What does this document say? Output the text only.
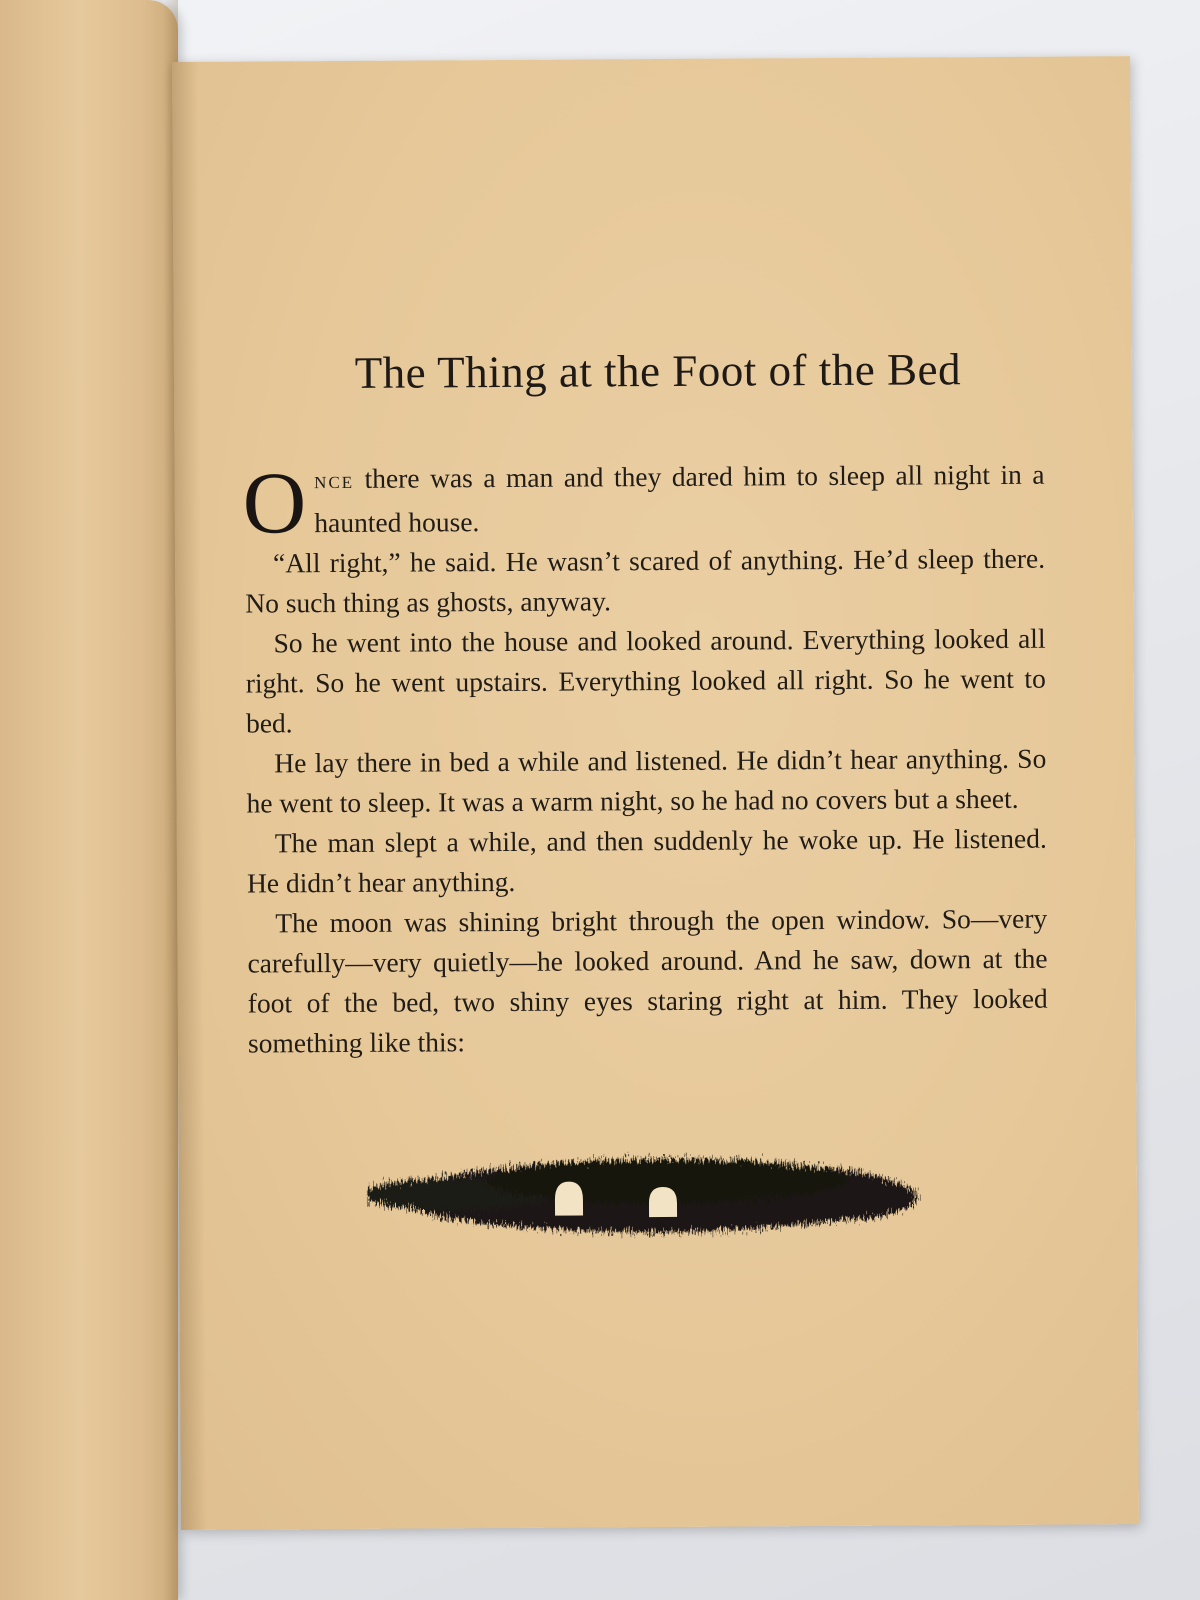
The Thing at the Foot of the Bed

ONCE there was a man and they dared him to sleep all night in a haunted house.

“All right,” he said. He wasn’t scared of anything. He’d sleep there. No such thing as ghosts, anyway.

So he went into the house and looked around. Everything looked all right. So he went upstairs. Everything looked all right. So he went to bed.

He lay there in bed a while and listened. He didn’t hear anything. So he went to sleep. It was a warm night, so he had no covers but a sheet.

The man slept a while, and then suddenly he woke up. He listened. He didn’t hear anything.

The moon was shining bright through the open window. So—very carefully—very quietly—he looked around. And he saw, down at the foot of the bed, two shiny eyes staring right at him. They looked something like this:
